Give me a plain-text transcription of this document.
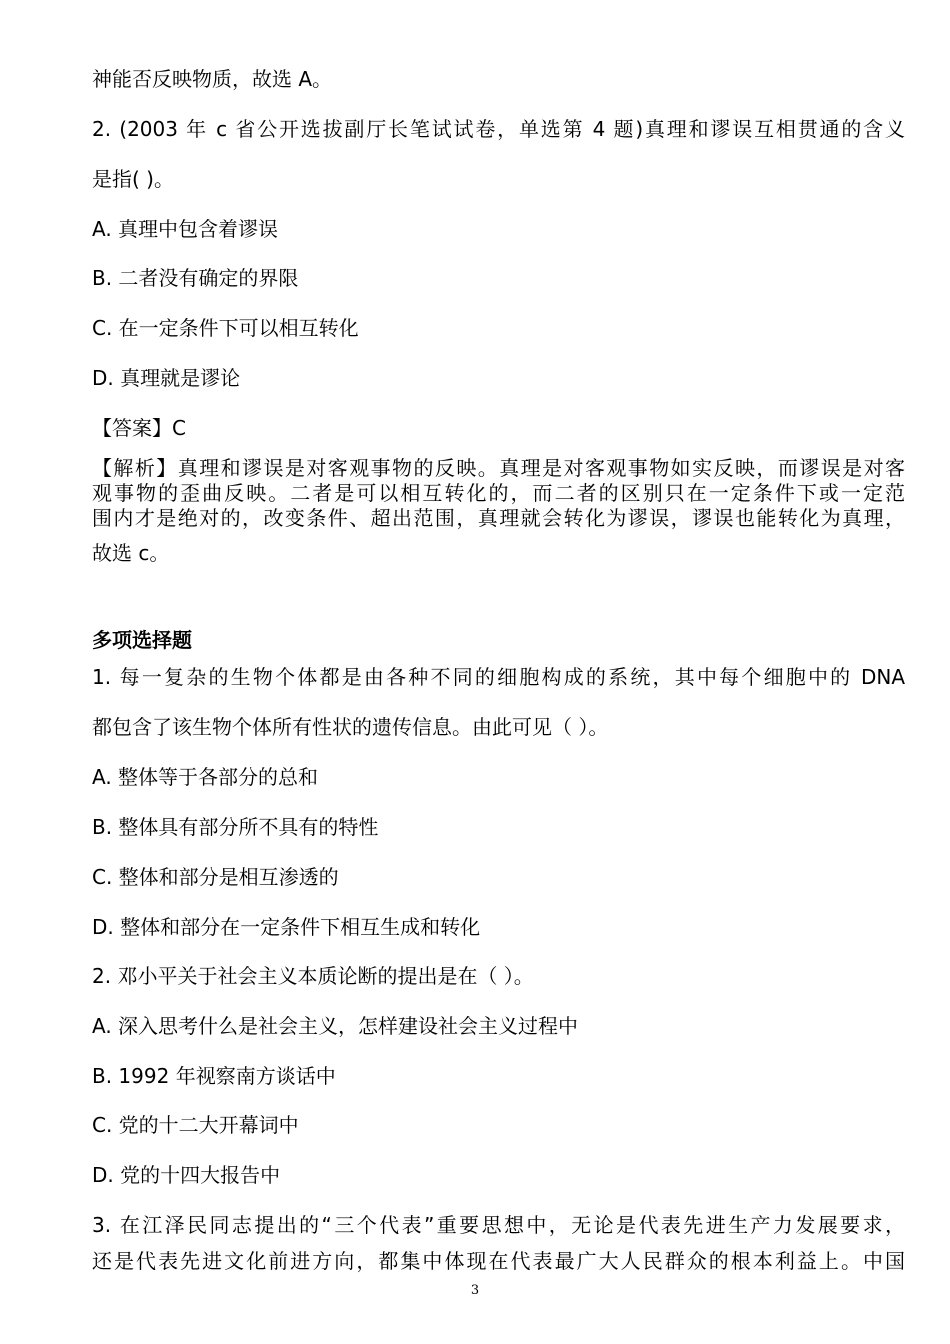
神能否反映物质，故选 A。
2. (2003 年 c 省公开选拔副厅长笔试试卷，单选第 4 题)真理和谬误互相贯通的含义
是指( )。
A. 真理中包含着谬误
B. 二者没有确定的界限
C. 在一定条件下可以相互转化
D. 真理就是谬论
【答案】C
【解析】真理和谬误是对客观事物的反映。真理是对客观事物如实反映，而谬误是对客
观事物的歪曲反映。二者是可以相互转化的，而二者的区别只在一定条件下或一定范
围内才是绝对的，改变条件、超出范围，真理就会转化为谬误，谬误也能转化为真理，
故选 c。
多项选择题
1. 每一复杂的生物个体都是由各种不同的细胞构成的系统，其中每个细胞中的 DNA
都包含了该生物个体所有性状的遗传信息。由此可见（ ）。
A. 整体等于各部分的总和
B. 整体具有部分所不具有的特性
C. 整体和部分是相互渗透的
D. 整体和部分在一定条件下相互生成和转化
2. 邓小平关于社会主义本质论断的提出是在（ ）。
A. 深入思考什么是社会主义，怎样建设社会主义过程中
B. 1992 年视察南方谈话中
C. 党的十二大开幕词中
D. 党的十四大报告中
3. 在江泽民同志提出的“三个代表”重要思想中，无论是代表先进生产力发展要求，
还是代表先进文化前进方向，都集中体现在代表最广大人民群众的根本利益上。中国
3
